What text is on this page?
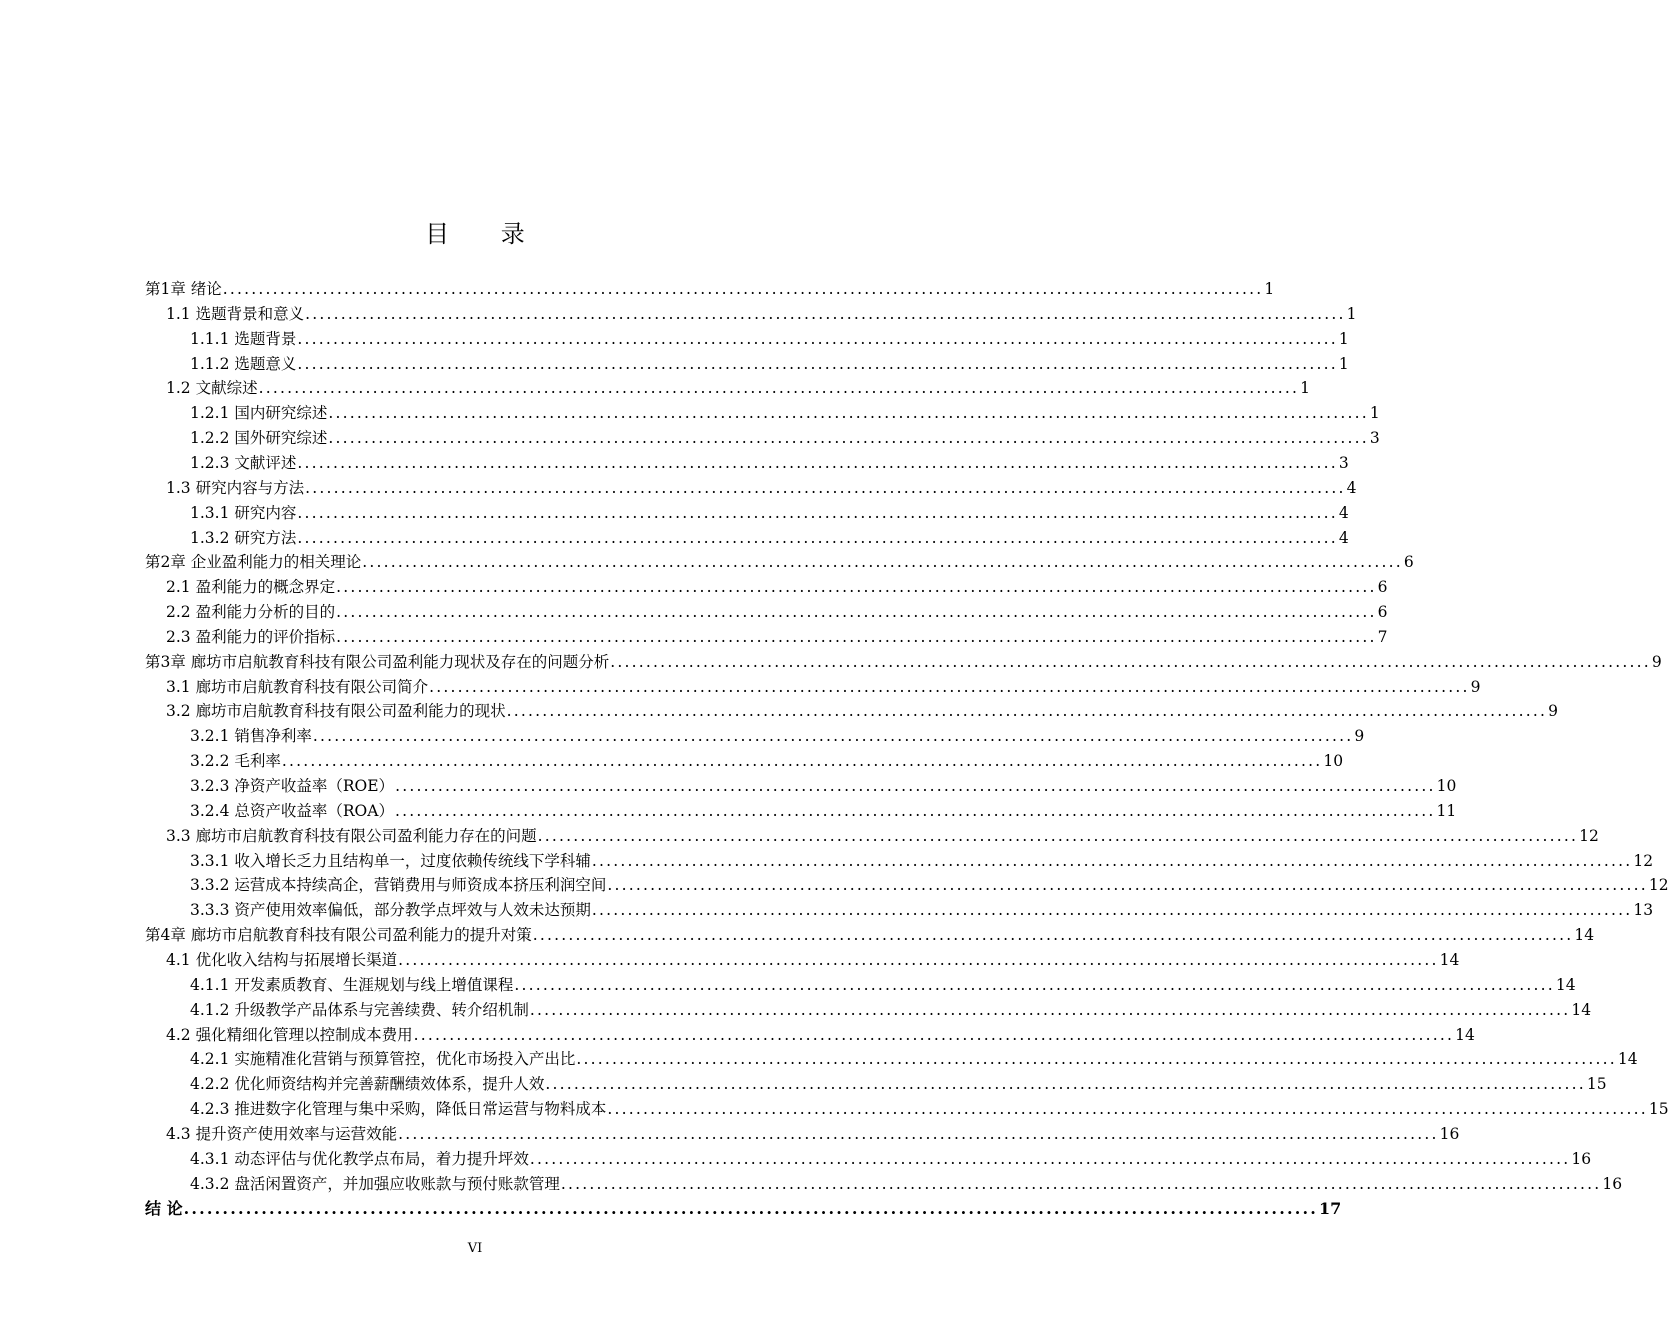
目 录
第1章 绪论 .................................................................................................................................................. 1
1.1 选题背景和意义 .................................................................................................................................................. 1
1.1.1 选题背景 .................................................................................................................................................. 1
1.1.2 选题意义 .................................................................................................................................................. 1
1.2 文献综述 .................................................................................................................................................. 1
1.2.1 国内研究综述 .................................................................................................................................................. 1
1.2.2 国外研究综述 .................................................................................................................................................. 3
1.2.3 文献评述 .................................................................................................................................................. 3
1.3 研究内容与方法 .................................................................................................................................................. 4
1.3.1 研究内容 .................................................................................................................................................. 4
1.3.2 研究方法 .................................................................................................................................................. 4
第2章 企业盈利能力的相关理论 .................................................................................................................................................. 6
2.1 盈利能力的概念界定 .................................................................................................................................................. 6
2.2 盈利能力分析的目的 .................................................................................................................................................. 6
2.3 盈利能力的评价指标 .................................................................................................................................................. 7
第3章 廊坊市启航教育科技有限公司盈利能力现状及存在的问题分析 .................................................................................................................................................. 9
3.1 廊坊市启航教育科技有限公司简介 .................................................................................................................................................. 9
3.2 廊坊市启航教育科技有限公司盈利能力的现状 .................................................................................................................................................. 9
3.2.1 销售净利率 .................................................................................................................................................. 9
3.2.2 毛利率 .................................................................................................................................................. 10
3.2.3 净资产收益率（ROE） .................................................................................................................................................. 10
3.2.4 总资产收益率（ROA） .................................................................................................................................................. 11
3.3 廊坊市启航教育科技有限公司盈利能力存在的问题 .................................................................................................................................................. 12
3.3.1 收入增长乏力且结构单一，过度依赖传统线下学科辅 .................................................................................................................................................. 12
3.3.2 运营成本持续高企，营销费用与师资成本挤压利润空间 .................................................................................................................................................. 12
3.3.3 资产使用效率偏低，部分教学点坪效与人效未达预期 .................................................................................................................................................. 13
第4章 廊坊市启航教育科技有限公司盈利能力的提升对策 .................................................................................................................................................. 14
4.1 优化收入结构与拓展增长渠道 .................................................................................................................................................. 14
4.1.1 开发素质教育、生涯规划与线上增值课程 .................................................................................................................................................. 14
4.1.2 升级教学产品体系与完善续费、转介绍机制 .................................................................................................................................................. 14
4.2 强化精细化管理以控制成本费用 .................................................................................................................................................. 14
4.2.1 实施精准化营销与预算管控，优化市场投入产出比 .................................................................................................................................................. 14
4.2.2 优化师资结构并完善薪酬绩效体系，提升人效 .................................................................................................................................................. 15
4.2.3 推进数字化管理与集中采购，降低日常运营与物料成本 .................................................................................................................................................. 15
4.3 提升资产使用效率与运营效能 .................................................................................................................................................. 16
4.3.1 动态评估与优化教学点布局，着力提升坪效 .................................................................................................................................................. 16
4.3.2 盘活闲置资产，并加强应收账款与预付账款管理 .................................................................................................................................................. 16
结 论 .................................................................................................................................................. 17
VI
